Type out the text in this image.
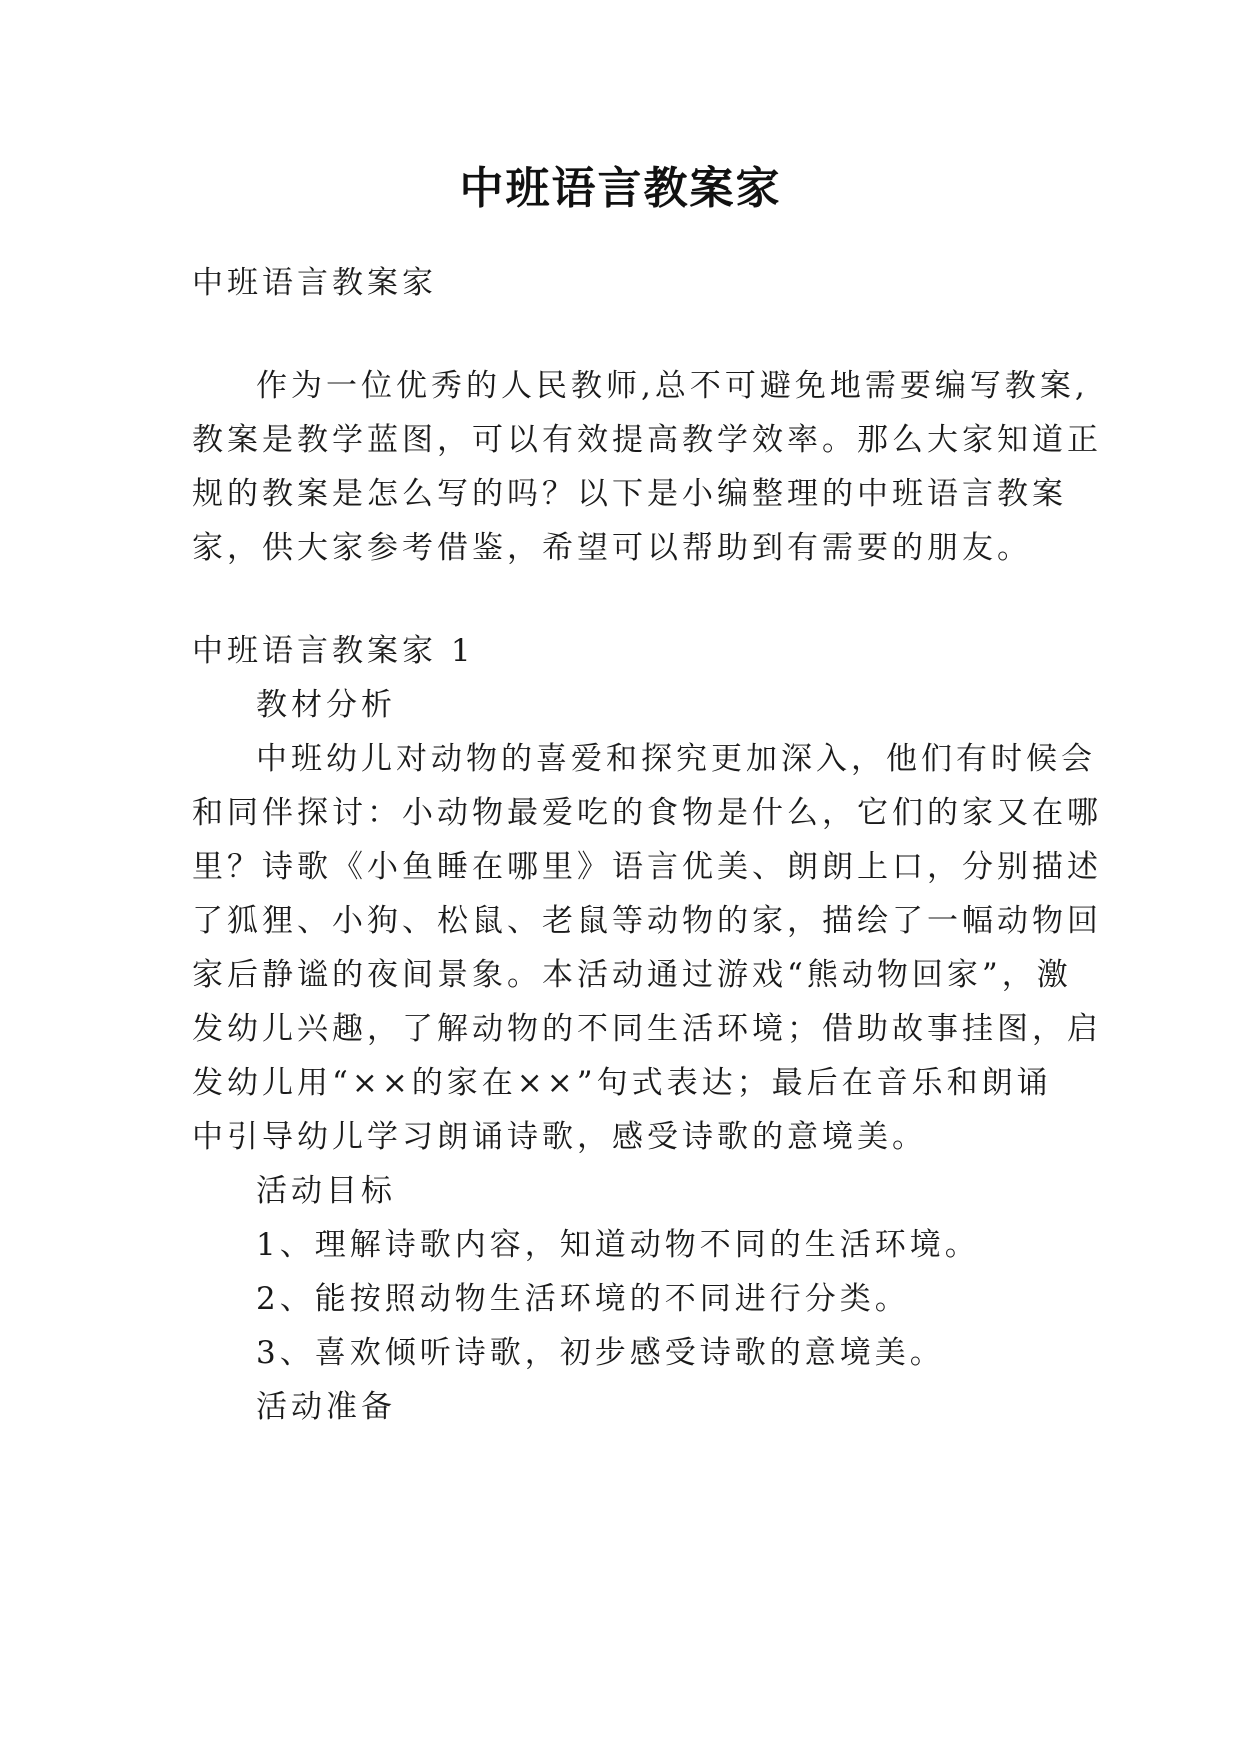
中班语言教案家

中班语言教案家

作为一位优秀的人民教师,总不可避免地需要编写教案,

教案是教学蓝图，可以有效提高教学效率。那么大家知道正

规的教案是怎么写的吗？以下是小编整理的中班语言教案

家，供大家参考借鉴，希望可以帮助到有需要的朋友。

中班语言教案家 1

教材分析

中班幼儿对动物的喜爱和探究更加深入，他们有时候会

和同伴探讨：小动物最爱吃的食物是什么，它们的家又在哪

里？诗歌《小鱼睡在哪里》语言优美、朗朗上口，分别描述

了狐狸、小狗、松鼠、老鼠等动物的家，描绘了一幅动物回

家后静谧的夜间景象。本活动通过游戏“熊动物回家”，激

发幼儿兴趣，了解动物的不同生活环境；借助故事挂图，启

发幼儿用“××的家在××”句式表达；最后在音乐和朗诵

中引导幼儿学习朗诵诗歌，感受诗歌的意境美。

活动目标

1、理解诗歌内容，知道动物不同的生活环境。

2、能按照动物生活环境的不同进行分类。

3、喜欢倾听诗歌，初步感受诗歌的意境美。

活动准备
